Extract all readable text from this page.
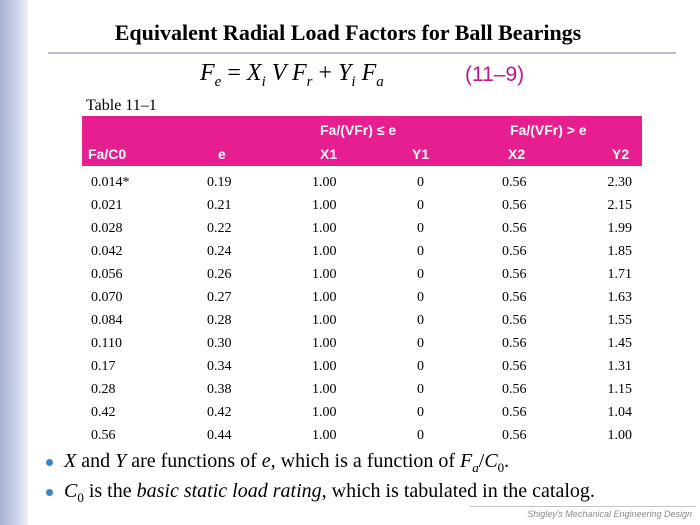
Equivalent Radial Load Factors for Ball Bearings
$F_e = X_i$ V $F_r + Y_i$ $F_a$	(11–9)
Table 11–1
Fa/(VFr) ≤ e	Fa/(VFr) > e
Fa/C0	e	X1	Y1	X2	Y2
0.014*	0.19	1.00	0	0.56	2.30
0.021	0.21	1.00	0	0.56	2.15
0.028	0.22	1.00	0	0.56	1.99
0.042	0.24	1.00	0	0.56	1.85
0.056	0.26	1.00	0	0.56	1.71
0.070	0.27	1.00	0	0.56	1.63
0.084	0.28	1.00	0	0.56	1.55
0.110	0.30	1.00	0	0.56	1.45
0.17	0.34	1.00	0	0.56	1.31
0.28	0.38	1.00	0	0.56	1.15
0.42	0.42	1.00	0	0.56	1.04
0.56	0.44	1.00	0	0.56	1.00
X and Y are functions of e, which is a function of $F_a/C_0$.
$C_0$ is the basic static load rating, which is tabulated in the catalog.
Shigley's Mechanical Engineering Design
